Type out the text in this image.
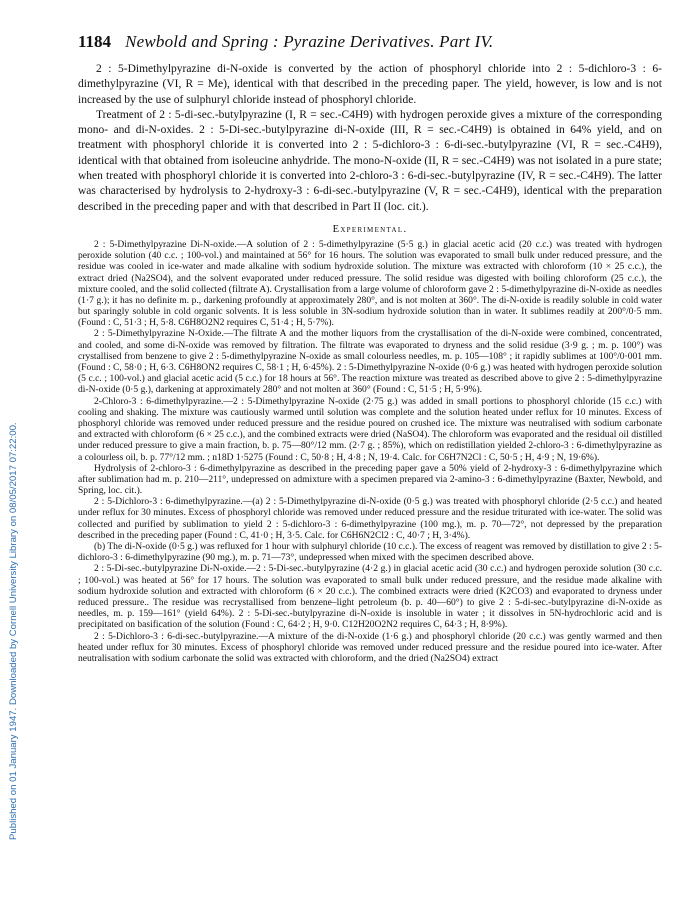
1184 Newbold and Spring : Pyrazine Derivatives. Part IV.
Published on 01 January 1947. Downloaded by Cornell University Library on 08/05/2017 07:22:00.

2 : 5-Dimethylpyrazine di-N-oxide is converted by the action of phosphoryl chloride into 2 : 5-dichloro-3 : 6-dimethylpyrazine (VI, R = Me), identical with that described in the preceding paper. The yield, however, is low and is not increased by the use of sulphuryl chloride instead of phosphoryl chloride.

Treatment of 2 : 5-di-sec.-butylpyrazine (I, R = sec.-C4H9) with hydrogen peroxide gives a mixture of the corresponding mono- and di-N-oxides. 2 : 5-Di-sec.-butylpyrazine di-N-oxide (III, R = sec.-C4H9) is obtained in 64% yield, and on treatment with phosphoryl chloride it is converted into 2 : 5-dichloro-3 : 6-di-sec.-butylpyrazine (VI, R = sec.-C4H9), identical with that obtained from isoleucine anhydride. The mono-N-oxide (II, R = sec.-C4H9) was not isolated in a pure state; when treated with phosphoryl chloride it is converted into 2-chloro-3 : 6-di-sec.-butylpyrazine (IV, R = sec.-C4H9). The latter was characterised by hydrolysis to 2-hydroxy-3 : 6-di-sec.-butylpyrazine (V, R = sec.-C4H9), identical with the preparation described in the preceding paper and with that described in Part II (loc. cit.).

Experimental.

2 : 5-Dimethylpyrazine Di-N-oxide.—A solution of 2 : 5-dimethylpyrazine (5·5 g.) in glacial acetic acid (20 c.c.) was treated with hydrogen peroxide solution (40 c.c. ; 100-vol.) and maintained at 56° for 16 hours. The solution was evaporated to small bulk under reduced pressure, and the residue was cooled in ice-water and made alkaline with sodium hydroxide solution. The mixture was extracted with chloroform (10 × 25 c.c.), the extract dried (Na2SO4), and the solvent evaporated under reduced pressure. The solid residue was digested with boiling chloroform (25 c.c.), the mixture cooled, and the solid collected (filtrate A). Crystallisation from a large volume of chloroform gave 2 : 5-dimethylpyrazine di-N-oxide as needles (1·7 g.); it has no definite m. p., darkening profoundly at approximately 280°, and is not molten at 360°. The di-N-oxide is readily soluble in cold water but sparingly soluble in cold organic solvents. It is less soluble in 3N-sodium hydroxide solution than in water. It sublimes readily at 200°/0·5 mm. (Found : C, 51·3 ; H, 5·8. C6H8O2N2 requires C, 51·4 ; H, 5·7%).

2 : 5-Dimethylpyrazine N-Oxide.—The filtrate A and the mother liquors from the crystallisation of the di-N-oxide were combined, concentrated, and cooled, and some di-N-oxide was removed by filtration. The filtrate was evaporated to dryness and the solid residue (3·9 g. ; m. p. 100°) was crystallised from benzene to give 2 : 5-dimethylpyrazine N-oxide as small colourless needles, m. p. 105—108° ; it rapidly sublimes at 100°/0·001 mm. (Found : C, 58·0 ; H, 6·3. C6H8ON2 requires C, 58·1 ; H, 6·45%). 2 : 5-Dimethylpyrazine N-oxide (0·6 g.) was heated with hydrogen peroxide solution (5 c.c. ; 100-vol.) and glacial acetic acid (5 c.c.) for 18 hours at 56°. The reaction mixture was treated as described above to give 2 : 5-dimethylpyrazine di-N-oxide (0·5 g.), darkening at approximately 280° and not molten at 360° (Found : C, 51·5 ; H, 5·9%).

2-Chloro-3 : 6-dimethylpyrazine.—2 : 5-Dimethylpyrazine N-oxide (2·75 g.) was added in small portions to phosphoryl chloride (15 c.c.) with cooling and shaking. The mixture was cautiously warmed until solution was complete and the solution heated under reflux for 10 minutes. Excess of phosphoryl chloride was removed under reduced pressure and the residue poured on crushed ice. The mixture was neutralised with sodium carbonate and extracted with chloroform (6 × 25 c.c.), and the combined extracts were dried (NaSO4). The chloroform was evaporated and the residual oil distilled under reduced pressure to give a main fraction, b. p. 75—80°/12 mm. (2·7 g. ; 85%), which on redistillation yielded 2-chloro-3 : 6-dimethylpyrazine as a colourless oil, b. p. 77°/12 mm. ; n18D 1·5275 (Found : C, 50·8 ; H, 4·8 ; N, 19·4. Calc. for C6H7N2Cl : C, 50·5 ; H, 4·9 ; N, 19·6%).

Hydrolysis of 2-chloro-3 : 6-dimethylpyrazine as described in the preceding paper gave a 50% yield of 2-hydroxy-3 : 6-dimethylpyrazine which after sublimation had m. p. 210—211°, undepressed on admixture with a specimen prepared via 2-amino-3 : 6-dimethylpyrazine (Baxter, Newbold, and Spring, loc. cit.).

2 : 5-Dichloro-3 : 6-dimethylpyrazine.—(a) 2 : 5-Dimethylpyrazine di-N-oxide (0·5 g.) was treated with phosphoryl chloride (2·5 c.c.) and heated under reflux for 30 minutes. Excess of phosphoryl chloride was removed under reduced pressure and the residue triturated with ice-water. The solid was collected and purified by sublimation to yield 2 : 5-dichloro-3 : 6-dimethylpyrazine (100 mg.), m. p. 70—72°, not depressed by the preparation described in the preceding paper (Found : C, 41·0 ; H, 3·5. Calc. for C6H6N2Cl2 : C, 40·7 ; H, 3·4%).

(b) The di-N-oxide (0·5 g.) was refluxed for 1 hour with sulphuryl chloride (10 c.c.). The excess of reagent was removed by distillation to give 2 : 5-dichloro-3 : 6-dimethylpyrazine (90 mg.), m. p. 71—73°, undepressed when mixed with the specimen described above.

2 : 5-Di-sec.-butylpyrazine Di-N-oxide.—2 : 5-Di-sec.-butylpyrazine (4·2 g.) in glacial acetic acid (30 c.c.) and hydrogen peroxide solution (30 c.c. ; 100-vol.) was heated at 56° for 17 hours. The solution was evaporated to small bulk under reduced pressure, and the residue made alkaline with sodium hydroxide solution and extracted with chloroform (6 × 20 c.c.). The combined extracts were dried (K2CO3) and evaporated to dryness under reduced pressure.. The residue was recrystallised from benzene–light petroleum (b. p. 40—60°) to give 2 : 5-di-sec.-butylpyrazine di-N-oxide as needles, m. p. 159—161° (yield 64%). 2 : 5-Di-sec.-butylpyrazine di-N-oxide is insoluble in water ; it dissolves in 5N-hydrochloric acid and is precipitated on basification of the solution (Found : C, 64·2 ; H, 9·0. C12H20O2N2 requires C, 64·3 ; H, 8·9%).

2 : 5-Dichloro-3 : 6-di-sec.-butylpyrazine.—A mixture of the di-N-oxide (1·6 g.) and phosphoryl chloride (20 c.c.) was gently warmed and then heated under reflux for 30 minutes. Excess of phosphoryl chloride was removed under reduced pressure and the residue poured into ice-water. After neutralisation with sodium carbonate the solid was extracted with chloroform, and the dried (Na2SO4) extract
